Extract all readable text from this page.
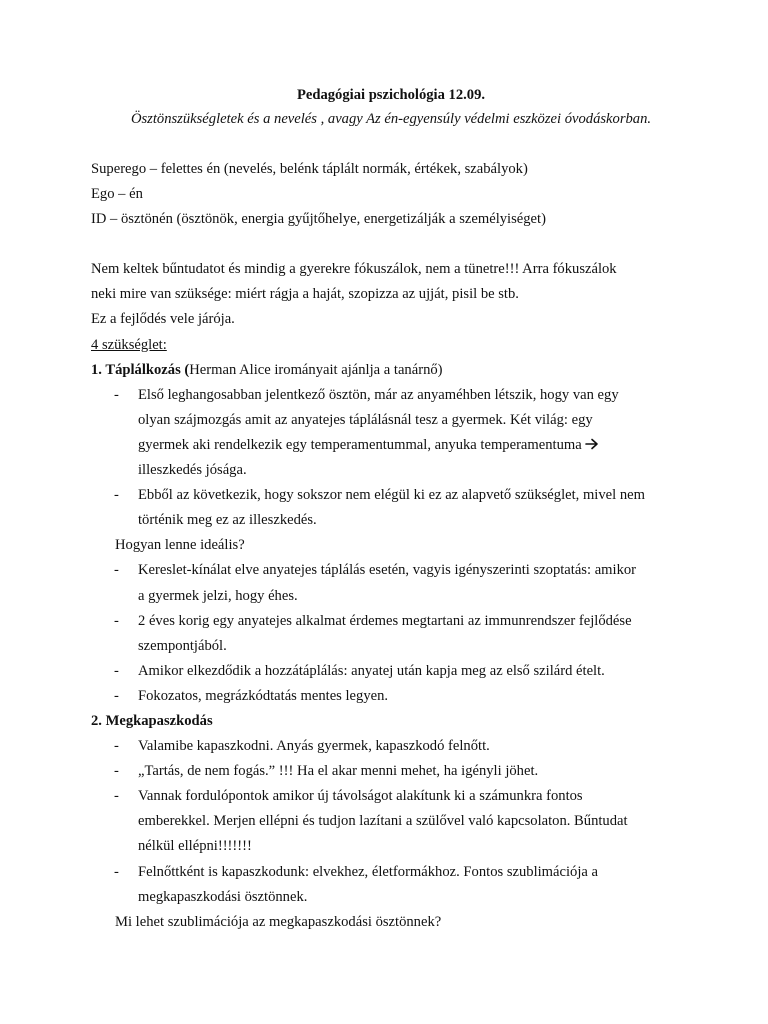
Pedagógiai pszichológia 12.09.

Ösztönszükségletek és a nevelés , avagy Az én-egyensúly védelmi eszközei óvodáskorban.

Superego – felettes én (nevelés, belénk táplált normák, értékek, szabályok)

Ego – én

ID – ösztönén (ösztönök, energia gyűjtőhelye, energetizálják a személyiséget)

Nem keltek bűntudatot és mindig a gyerekre fókuszálok, nem a tünetre!!! Arra fókuszálok

neki mire van szüksége: miért rágja a haját, szopizza az ujját, pisil be stb.

Ez a fejlődés vele járója.

4 szükséglet:

1. Táplálkozás (Herman Alice irományait ajánlja a tanárnő)

- Első leghangosabban jelentkező ösztön, már az anyaméhben létszik, hogy van egy
olyan szájmozgás amit az anyatejes táplálásnál tesz a gyermek. Két világ: egy
gyermek aki rendelkezik egy temperamentummal, anyuka temperamentuma
illeszkedés jósága.
- Ebből az következik, hogy sokszor nem elégül ki ez az alapvető szükséglet, mivel nem
történik meg ez az illeszkedés.

Hogyan lenne ideális?

- Kereslet-kínálat elve anyatejes táplálás esetén, vagyis igényszerinti szoptatás: amikor
a gyermek jelzi, hogy éhes.
- 2 éves korig egy anyatejes alkalmat érdemes megtartani az immunrendszer fejlődése
szempontjából.
- Amikor elkezdődik a hozzátáplálás: anyatej után kapja meg az első szilárd ételt.
- Fokozatos, megrázkódtatás mentes legyen.

2. Megkapaszkodás

- Valamibe kapaszkodni. Anyás gyermek, kapaszkodó felnőtt.
- „Tartás, de nem fogás.” !!! Ha el akar menni mehet, ha igényli jöhet.
- Vannak fordulópontok amikor új távolságot alakítunk ki a számunkra fontos
emberekkel. Merjen ellépni és tudjon lazítani a szülővel való kapcsolaton. Bűntudat
nélkül ellépni!!!!!!!
- Felnőttként is kapaszkodunk: elvekhez, életformákhoz. Fontos szublimációja a
megkapaszkodási ösztönnek.

Mi lehet szublimációja az megkapaszkodási ösztönnek?
